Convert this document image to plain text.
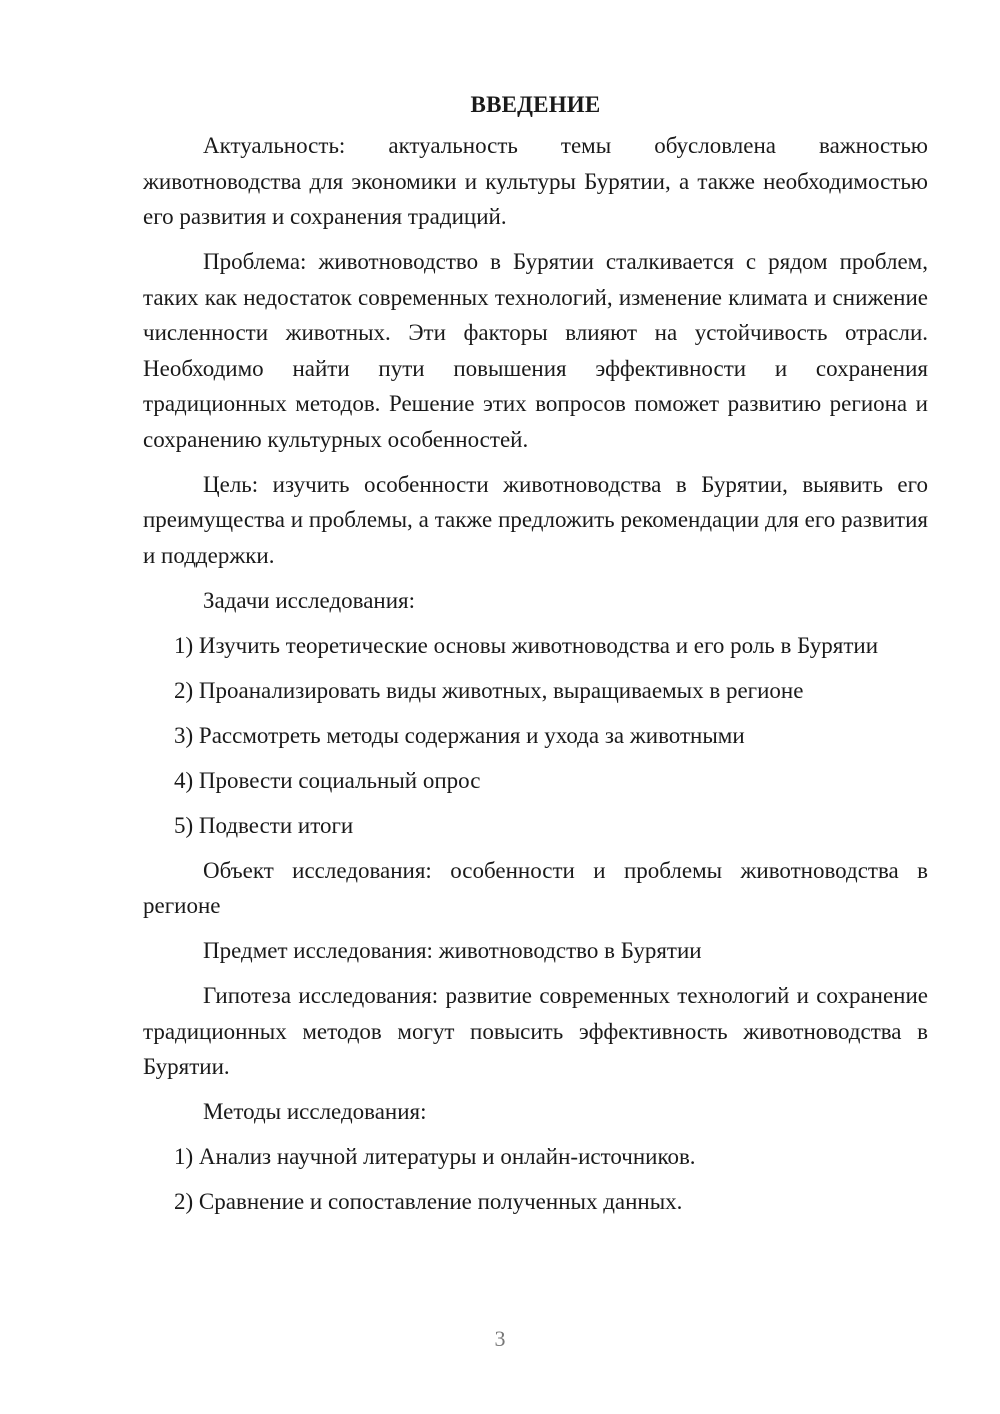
ВВЕДЕНИЕ

Актуальность: актуальность темы обусловлена важностью животноводства для экономики и культуры Бурятии, а также необходимостью его развития и сохранения традиций.

Проблема: животноводство в Бурятии сталкивается с рядом проблем, таких как недостаток современных технологий, изменение климата и снижение численности животных. Эти факторы влияют на устойчивость отрасли. Необходимо найти пути повышения эффективности и сохранения традиционных методов. Решение этих вопросов поможет развитию региона и сохранению культурных особенностей.

Цель: изучить особенности животноводства в Бурятии, выявить его преимущества и проблемы, а также предложить рекомендации для его развития и поддержки.

Задачи исследования:

1) Изучить теоретические основы животноводства и его роль в Бурятии

2) Проанализировать виды животных, выращиваемых в регионе

3) Рассмотреть методы содержания и ухода за животными

4) Провести социальный опрос

5) Подвести итоги

Объект исследования: особенности и проблемы животноводства в регионе

Предмет исследования: животноводство в Бурятии

Гипотеза исследования: развитие современных технологий и сохранение традиционных методов могут повысить эффективность животноводства в Бурятии.

Методы исследования:

1) Анализ научной литературы и онлайн-источников.

2) Сравнение и сопоставление полученных данных.

3
